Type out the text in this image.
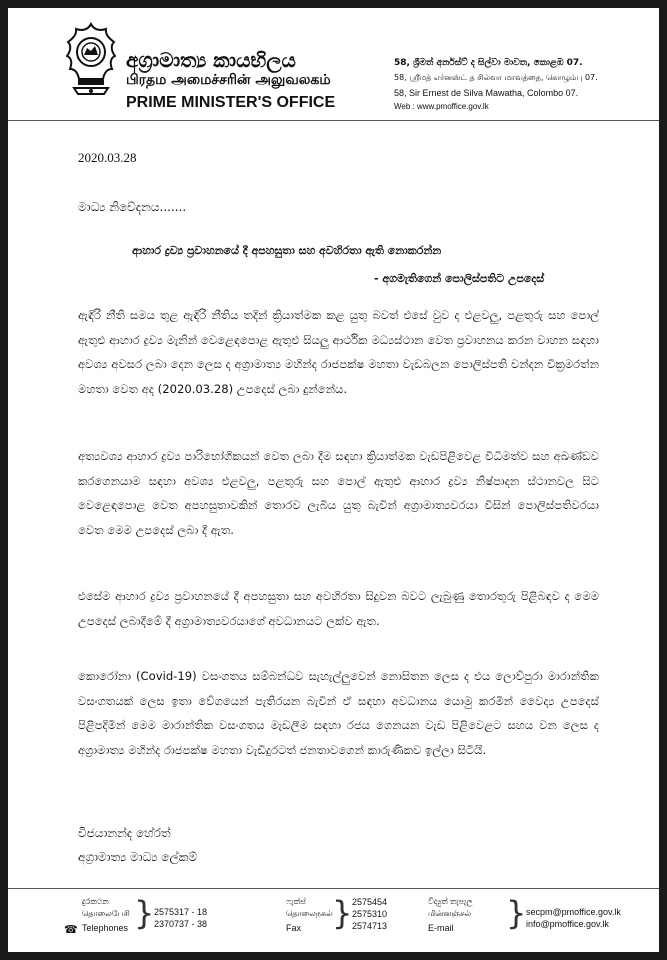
අග්‍රාමාත්‍ය කායභිලය
பிரதம அமைச்சரின் அலுவலகம்
PRIME MINISTER'S OFFICE
58, ශ්‍රීමත් අර්නස්ට් ද සිල්වා මාවත, කොළඹ 07.
58, ஸ்ரீமத் எர்னஸ்ட் த சில்வா மாவத்தை, கொழும்பு 07.
58, Sir Ernest de Silva Mawatha, Colombo 07.
Web : www.pmoffice.gov.lk
2020.03.28
මාධ්‍ය නිවේදනය.......
ආහාර ද්‍රව්‍ය ප්‍රවාහනයේ දී අපහසුතා සහ අවහිරතා ඇති නොකරන්න
- අගමැතිගෙන් පොලිස්පතිට උපදෙස්

ඇඳිරි නීති සමය තුළ ඇඳිරි නීතිය තදින් ක්‍රියාත්මක කළ යුතු බවත් එසේ වුව ද එළවලු, පළතුරු සහ පොල් ඇතුළු ආහාර ද්‍රව්‍ය මැනින් වෙළෙඳපොළ ඇතුළු සියලු ආර්ථික මධ්‍යස්ථාන වෙත ප්‍රවාහනය කරන වාහන සඳහා අවශ්‍ය අවසර ලබා දෙන ලෙස ද අග්‍රාමාත්‍ය මහින්ද රාජපක්ෂ මහතා වැඩබලන පොලිස්පති චන්දන වික්‍රමරත්න මහතා වෙත අද (2020.03.28) උපදෙස් ලබා දුන්නේය.

අත්‍යවශ්‍ය ආහාර ද්‍රව්‍ය පාරිභෝගිකයන් වෙත ලබා දීම සඳහා ක්‍රියාත්මක වැඩපිළිවෙළ විධිමත්ව සහ අඛණ්ඩව කරගෙනයාම සඳහා අවශ්‍ය එළවලු, පළතුරු සහ පොල් ඇතුළු ආහාර ද්‍රව්‍ය නිෂ්පාදන ස්ථානවල සිට වෙළෙඳපොළ වෙත අපහසුතාවකින් තොරව ලැබිය යුතු බැවින් අග්‍රාමාත්‍යවරයා විසින් පොලිස්පතිවරයා වෙත මෙම උපදෙස් ලබා දී ඇත.

එසේම ආහාර ද්‍රව්‍ය ප්‍රවාහනයේ දී අපහසුතා සහ අවහිරතා සිදුවන බවට ලැබුණු තොරතුරු පිළිබඳව ද මෙම උපදෙස් ලබාදීමේ දී අග්‍රාමාත්‍යවරයාගේ අවධානයට ලක්ව ඇත.

කොරෝනා (Covid-19) වසංගතය සම්බන්ධව සැහැල්ලුවෙන් නොසිතන ලෙස ද එය ලොව්පුරා මාරාන්තික වසංගතයක් ලෙස ඉතා වේගයෙන් පැතිරයන බැවින් ඒ සඳහා අවධානය යොමු කරමින් වෛද්‍ය උපදෙස් පිළිපදිමින් මෙම මාරාන්තික වසංගතය මැඩලීම සඳහා රජය ගෙනයන වැඩ පිළිවෙළට සහය වන ලෙස ද අග්‍රාමාත්‍ය මහින්ද රාජපක්ෂ මහතා වැඩිදුරටත් ජනතාවගෙන් කාරුණිකව ඉල්ලා සිටියි.

විජයානන්ද හේරත්
අග්‍රාමාත්‍ය මාධ්‍ය ලේකම්
දුරකථන
தொலைபேசி
☎ Telephones } 2575317 - 18
2370737 - 38
ෆැක්ස්
தொலைநகல்
Fax } 2575454
2575310
2574713
විද්‍යුත් තැපැල
மின்னஞ்சல்
E-mail } secpm@pmoffice.gov.lk
info@pmoffice.gov.lk
